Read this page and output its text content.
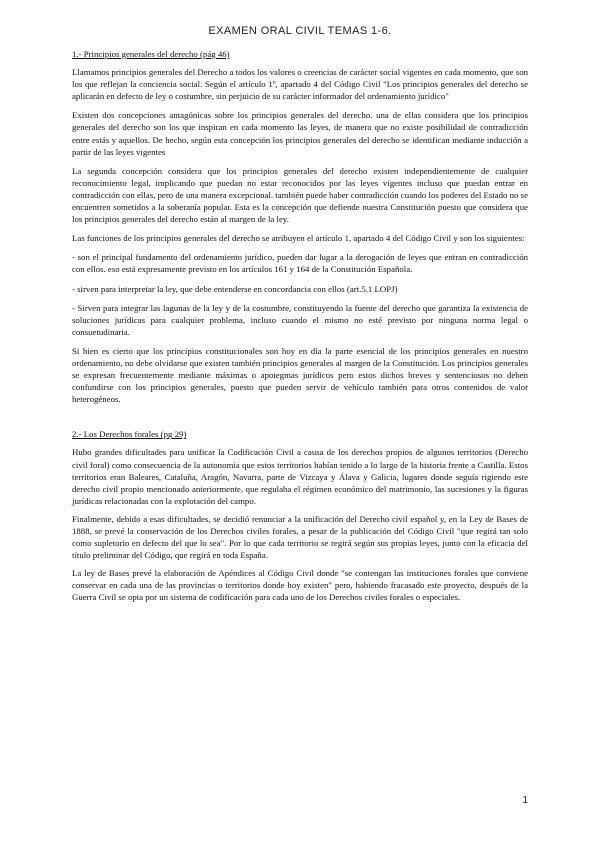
EXAMEN ORAL CIVIL TEMAS 1-6.
1.- Principios generales del derecho (pág 46)

Llamamos principios generales del Derecho a todos los valores o creencias de carácter social vigentes en cada momento, que son los que reflejan la conciencia social. Según el artículo 1º, apartado 4 del Código Civil "Los principios generales del derecho se aplicarán en defecto de ley o costumbre, sin perjuicio de su carácter informador del ordenamiento jurídico"

Existen dos concepciones antagónicas sobre los principios generales del derecho. una de ellas considera que los principios generales del derecho son los que inspiran en cada momento las leyes, de manera que no existe posibilidad de contradicción entre estás y aquellos. De hecho, según esta concepción los principios generales del derecho se identifican mediante inducción a partir de las leyes vigentes

La segunda concepción considera que los principios generales del derecho existen independientemente de cualquier reconocimiento legal, implicando que puedan no estar reconocidos por las leyes vigentes incluso que puedan entrar en contradicción con ellas, pero de una manera excepcional. también puede haber contradicción cuando los poderes del Estado no se encuentren sometidos a la soberanía popular. Esta es la concepción que defiende nuestra Constitución puesto que considera que los principios generales del derecho están al margen de la ley.

Las funciones de los principios generales del derecho se atribuyen el artículo 1, apartado 4 del Código Civil y son los siguientes:

- son el principal fundamento del ordenamiento jurídico, pueden dar lugar a la derogación de leyes que entran en contradicción con ellos. eso está expresamente previsto en los artículos 161 y 164 de la Constitución Española.

- sirven para interpretar la ley, que debe entenderse en concordancia con ellos (art.5.1 LOPJ)

- Sirven para integrar las lagunas de la ley y de la costumbre, constituyendo la fuente del derecho que garantiza la existencia de soluciones jurídicas para cualquier problema, incluso cuando el mismo no esté previsto por ninguna norma legal o consuetudinaria.

Si bien es cierto que los principios constitucionales son hoy en día la parte esencial de los principios generales en nuestro ordenamiento, no debe olvidarse que existen también principios generales al margen de la Constitución. Los principios generales se expresan frecuentemente mediante máximas o apotegmas jurídicos pero estos dichos breves y sentenciosos no deben confundirse con los principios generales, puesto que pueden servir de vehículo también para otros contenidos de valor heterogéneos.

2.- Los Derechos forales (pg 29)

Hubo grandes dificultades para unificar la Codificación Civil a causa de los derechos propios de algunos territorios (Derecho civil foral) como consecuencia de la autonomía que estos territorios habían tenido a lo largo de la historia frente a Castilla. Estos territorios eran Baleares, Cataluña, Aragón, Navarra, parte de Vizcaya y Álava y Galicia, lugares donde seguía rigiendo este derecho civil propio mencionado anteriormente, que regulaba el régimen económico del matrimonio, las sucesiones y la figuras jurídicas relacionadas con la explotación del campo.

Finalmente, debido a esas dificultades, se decidió renunciar a la unificación del Derecho civil español y, en la Ley de Bases de 1888, se prevé la conservación de los Derechos civiles forales, a pesar de la publicación del Código Civil "que regirá tan solo como supletorio en defecto del que lo sea". Por lo que cada territorio se regirá según sus propias leyes, junto con la eficacia del título preliminar del Código, que regirá en toda España.

La ley de Bases prevé la elaboración de Apéndices al Código Civil donde "se contengan las instituciones forales que conviene conservar en cada una de las provincias o territorios donde hoy existen" pero, habiendo fracasado este proyecto, después de la Guerra Civil se opta por un sistema de codificación para cada uno de los Derechos civiles forales o especiales.

1
